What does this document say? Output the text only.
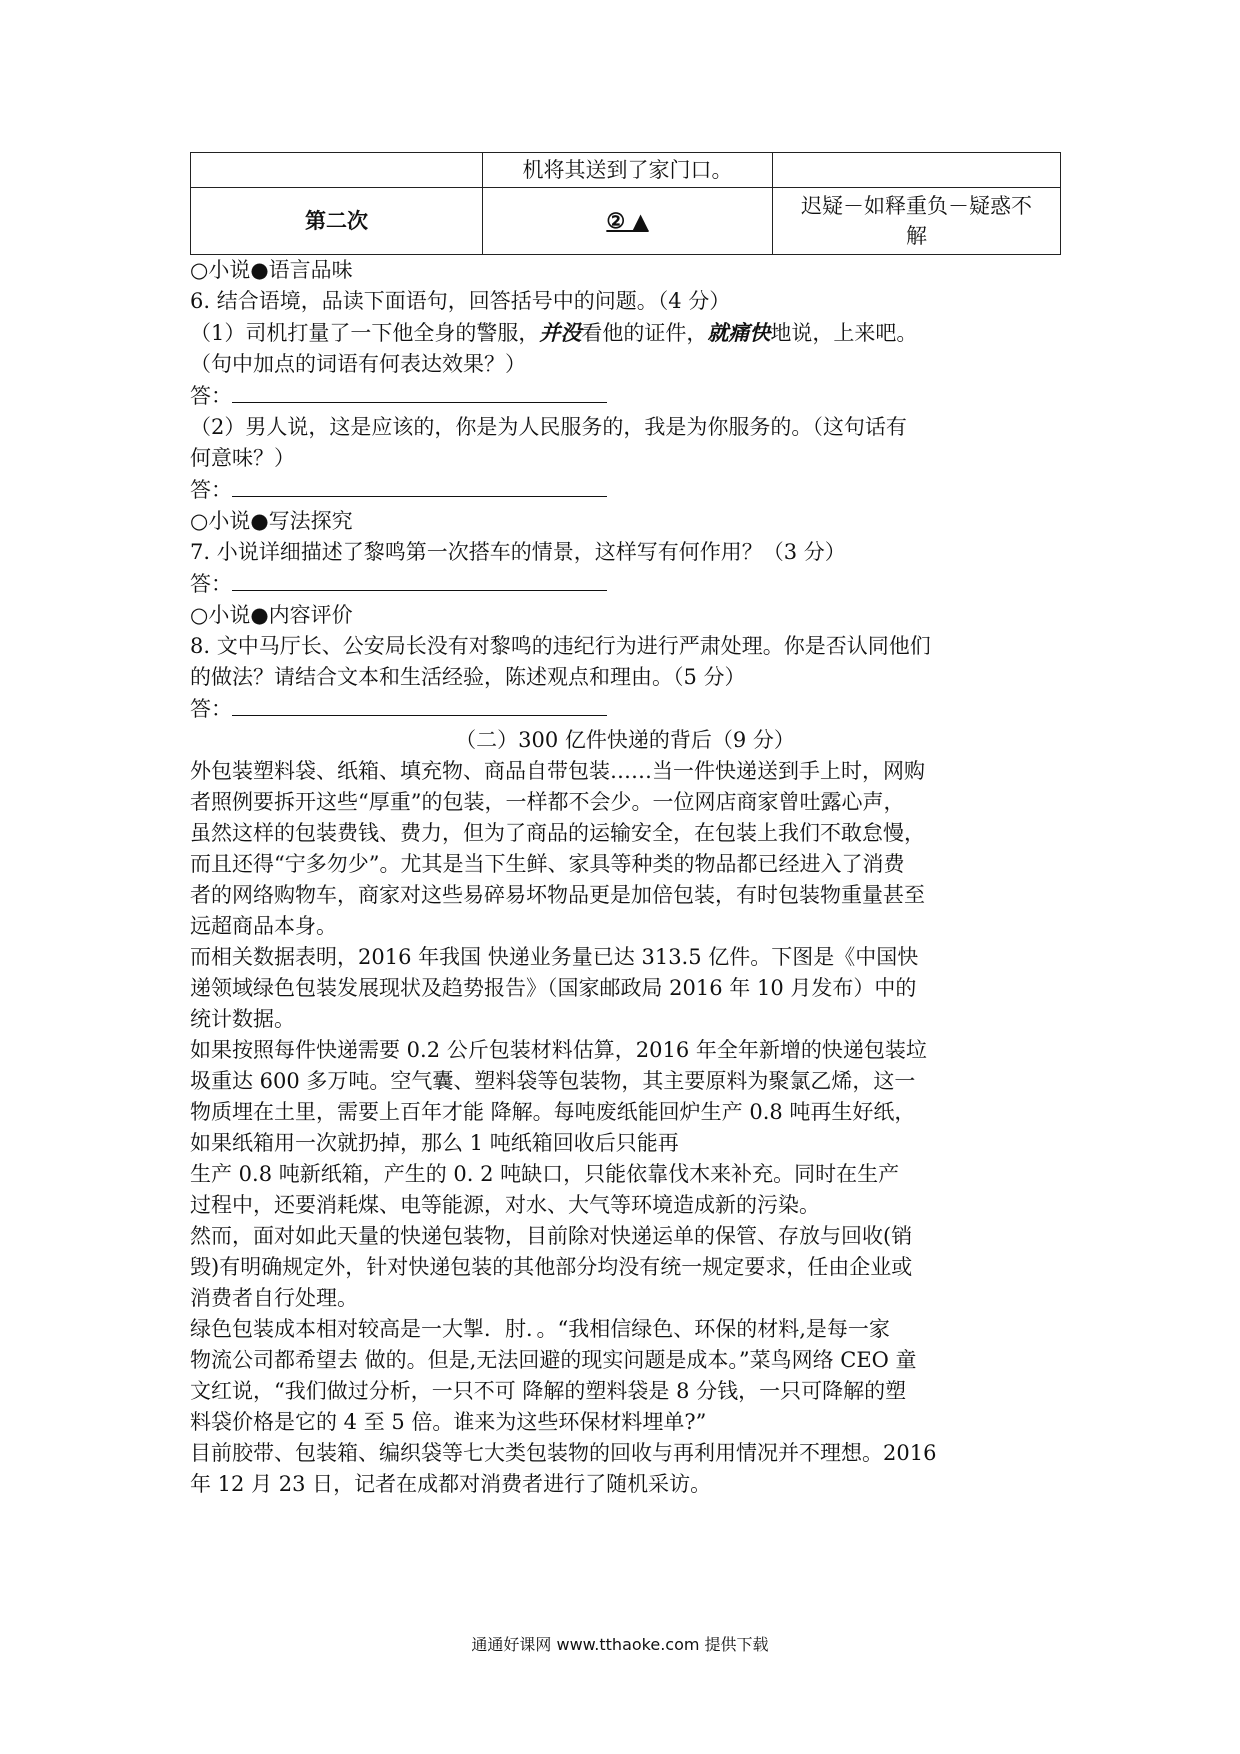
	机将其送到了家门口。	
第二次	② ▲	迟疑－如释重负－疑惑不
解
○小说●语言品味
6. 结合语境，品读下面语句，回答括号中的问题。（4 分）
（1）司机打量了一下他全身的警服，并没看他的证件，就痛快地说，上来吧。
（句中加点的词语有何表达效果？）
答：
（2）男人说，这是应该的，你是为人民服务的，我是为你服务的。（这句话有
何意味？）
答：
○小说●写法探究
7. 小说详细描述了黎鸣第一次搭车的情景，这样写有何作用？（3 分）
答：
○小说●内容评价
8. 文中马厅长、公安局长没有对黎鸣的违纪行为进行严肃处理。你是否认同他们
的做法？请结合文本和生活经验，陈述观点和理由。（5 分）
答：
（二）300 亿件快递的背后（9 分）

外包装塑料袋、纸箱、填充物、商品自带包装……当一件快递送到手上时，网购
者照例要拆开这些“厚重”的包装，一样都不会少。一位网店商家曾吐露心声，
虽然这样的包装费钱、费力，但为了商品的运输安全，在包装上我们不敢怠慢，
而且还得“宁多勿少”。尤其是当下生鲜、家具等种类的物品都已经进入了消费
者的网络购物车，商家对这些易碎易坏物品更是加倍包装，有时包装物重量甚至
远超商品本身。

而相关数据表明，2016 年我国 快递业务量已达 313.5 亿件。下图是《中国快
递领域绿色包装发展现状及趋势报告》（国家邮政局 2016 年 10 月发布）中的
统计数据。

如果按照每件快递需要 0.2 公斤包装材料估算，2016 年全年新增的快递包装垃
圾重达 600 多万吨。空气囊、塑料袋等包装物，其主要原料为聚氯乙烯，这一
物质埋在土里，需要上百年才能 降解。每吨废纸能回炉生产 0.8 吨再生好纸，
如果纸箱用一次就扔掉，那么 1 吨纸箱回收后只能再
生产 0.8 吨新纸箱，产生的 0. 2 吨缺口，只能依靠伐木来补充。同时在生产
过程中，还要消耗煤、电等能源，对水、大气等环境造成新的污染。

然而，面对如此天量的快递包装物，目前除对快递运单的保管、存放与回收(销
毁)有明确规定外，针对快递包装的其他部分均没有统一规定要求，任由企业或
消费者自行处理。

绿色包装成本相对较高是一大掣．肘．。“我相信绿色、环保的材料,是每一家
物流公司都希望去 做的。但是,无法回避的现实问题是成本。”菜鸟网络 CEO 童
文红说，“我们做过分析，一只不可 降解的塑料袋是 8 分钱，一只可降解的塑
料袋价格是它的 4 至 5 倍。谁来为这些环保材料埋单?”

目前胶带、包装箱、编织袋等七大类包装物的回收与再利用情况并不理想。2016
年 12 月 23 日，记者在成都对消费者进行了随机采访。

通通好课网 www.tthaoke.com 提供下载
